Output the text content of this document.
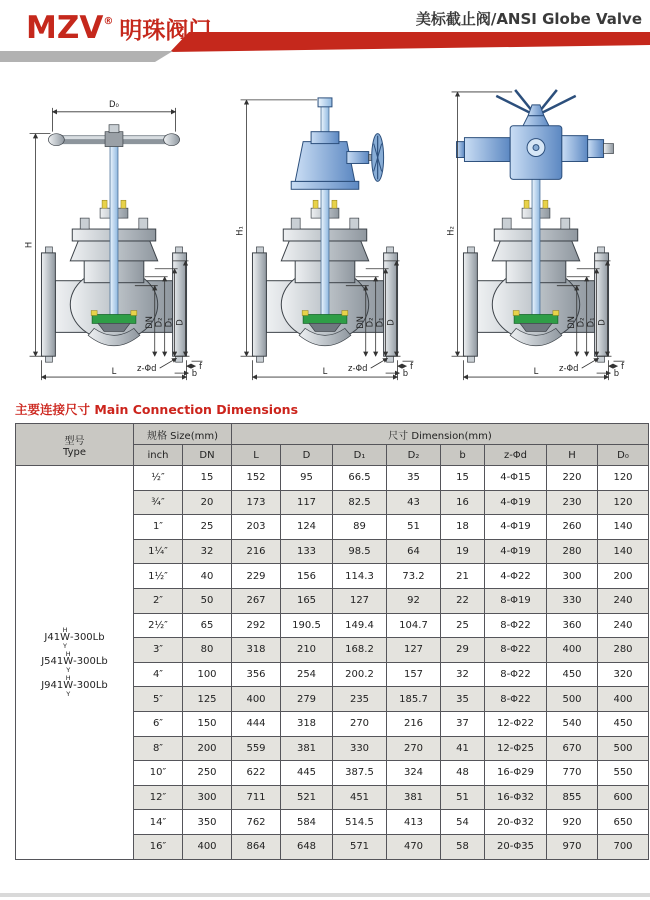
MZV® 明珠阀门	美标截止阀/ANSI Globe Valve
D₀
H
DN D₂ D₁ D
z-Φd
L	f
b
H₁
DN D₂ D₁ D
z-Φd
L	f
b
H₂
DN D₂ D₁ D
z-Φd
L	f
b
主要连接尺寸 Main Connection Dimensions
型号
Type	规格 Size(mm)		尺寸 Dimension(mm)							
	inch	DN	L	D	D₁	D₂	b	z-Φd	H	D₀

J41
H
W
Y
-300Lb
J541
H
W
Y
-300Lb
J941
H
W
Y
-300Lb
	½″	15	152	95	66.5	35	15	4-Φ15	220	120
	¾″	20	173	117	82.5	43	16	4-Φ19	230	120
	1″	25	203	124	89	51	18	4-Φ19	260	140
	1¼″	32	216	133	98.5	64	19	4-Φ19	280	140
	1½″	40	229	156	114.3	73.2	21	4-Φ22	300	200
	2″	50	267	165	127	92	22	8-Φ19	330	240
	2½″	65	292	190.5	149.4	104.7	25	8-Φ22	360	240
	3″	80	318	210	168.2	127	29	8-Φ22	400	280
	4″	100	356	254	200.2	157	32	8-Φ22	450	320
	5″	125	400	279	235	185.7	35	8-Φ22	500	400
	6″	150	444	318	270	216	37	12-Φ22	540	450
	8″	200	559	381	330	270	41	12-Φ25	670	500
	10″	250	622	445	387.5	324	48	16-Φ29	770	550
	12″	300	711	521	451	381	51	16-Φ32	855	600
	14″	350	762	584	514.5	413	54	20-Φ32	920	650
	16″	400	864	648	571	470	58	20-Φ35	970	700
